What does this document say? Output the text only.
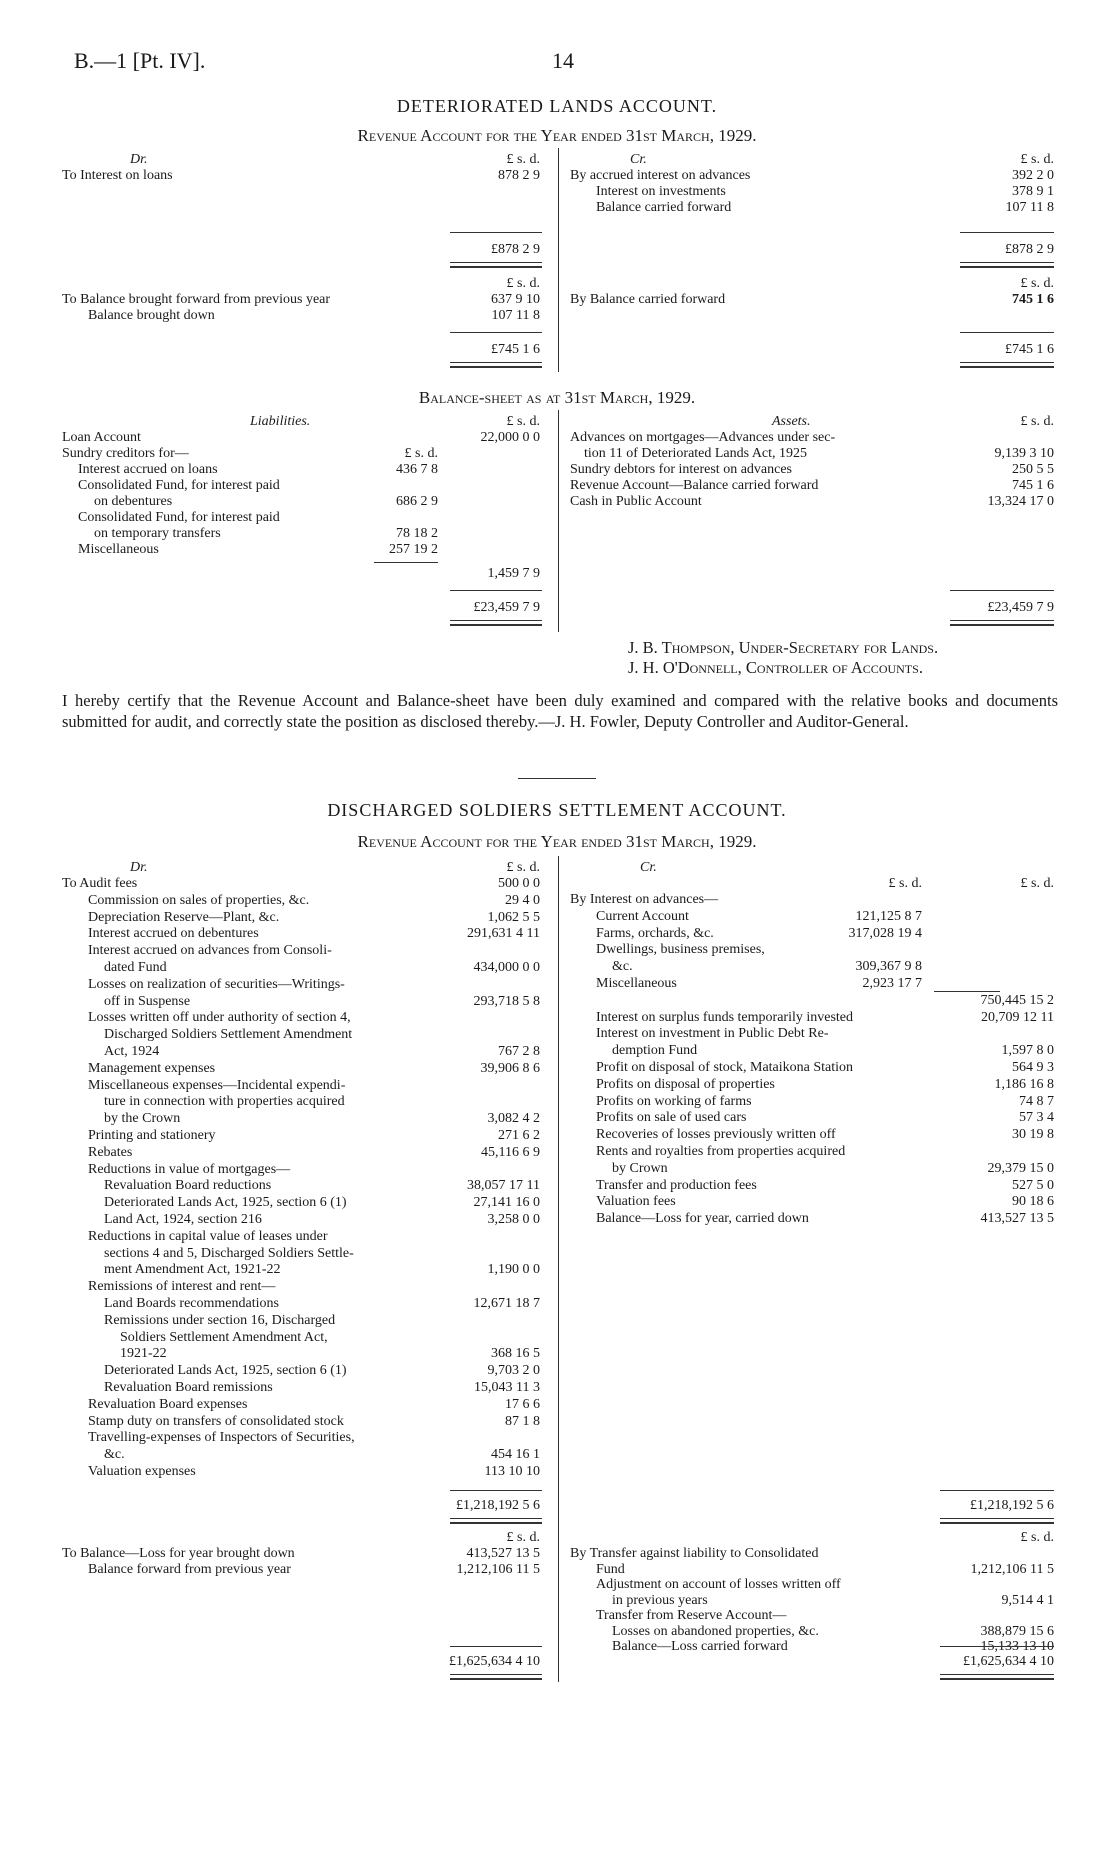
B.—1 [Pt. IV].	14
DETERIORATED LANDS ACCOUNT.
Revenue Account for the Year ended 31st March, 1929.
Dr.	£ s. d.	Cr.	£ s. d.
To Interest on loans	878 2 9 By accrued interest on advances	392 2 0
Interest on investments	378 9 1
Balance carried forward	107 11 8
£878 2 9	£878 2 9
£ s. d.	£ s. d.
To Balance brought forward from previous year	637 9 10
Balance brought down	107 11 8
By Balance carried forward	745 1 6
£745 1 6	£745 1 6
Balance-sheet as at 31st March, 1929.
Liabilities.	£ s. d.	Assets.
Loan Account	22,000 0 0
Sundry creditors for—	£ s. d.
Interest accrued on loans	436 7 8
Consolidated Fund, for interest paid
on debentures	686 2 9
Consolidated Fund, for interest paid
on temporary transfers	78 18 2
Miscellaneous	257 19 2
1,459 7 9
Advances on mortgages—Advances under sec-
£ s. d.
tion 11 of Deteriorated Lands Act, 1925	9,139 3 10
Sundry debtors for interest on advances	250 5 5
Revenue Account—Balance carried forward	745 1 6
Cash in Public Account	13,324 17 0
£23,459 7 9	£23,459 7 9
J. B. Thompson, Under-Secretary for Lands.
J. H. O'Donnell, Controller of Accounts.
I hereby certify that the Revenue Account and Balance-sheet have been duly examined and compared with the relative books and documents submitted for audit, and correctly state the position as disclosed thereby.—J. H. Fowler, Deputy Controller and Auditor-General.
DISCHARGED SOLDIERS SETTLEMENT ACCOUNT.
Revenue Account for the Year ended 31st March, 1929.
Dr.	£ s. d.	Cr.
To Audit fees	500 0 0
Commission on sales of properties, &c.	29 4 0
Depreciation Reserve—Plant, &c.	1,062 5 5
Interest accrued on debentures	291,631 4 11
Interest accrued on advances from Consoli-
dated Fund	434,000 0 0
Losses on realization of securities—Writings-
off in Suspense	293,718 5 8
Losses written off under authority of section 4,
Discharged Soldiers Settlement Amendment
Act, 1924	767 2 8
Management expenses	39,906 8 6
Miscellaneous expenses—Incidental expendi-
ture in connection with properties acquired
by the Crown	3,082 4 2
Printing and stationery	271 6 2
Rebates	45,116 6 9
Reductions in value of mortgages—
Revaluation Board reductions	38,057 17 11
Deteriorated Lands Act, 1925, section 6 (1)	27,141 16 0
Land Act, 1924, section 216	3,258 0 0
Reductions in capital value of leases under
sections 4 and 5, Discharged Soldiers Settle-
ment Amendment Act, 1921-22	1,190 0 0
Remissions of interest and rent—
Land Boards recommendations	12,671 18 7
Remissions under section 16, Discharged
Soldiers Settlement Amendment Act,
1921-22	368 16 5
Deteriorated Lands Act, 1925, section 6 (1)	9,703 2 0
Revaluation Board remissions	15,043 11 3
Revaluation Board expenses	17 6 6
Stamp duty on transfers of consolidated stock	87 1 8
Travelling-expenses of Inspectors of Securities,
&c.	454 16 1
Valuation expenses	113 10 10
By Interest on advances—
Current Account	121,125 8 7
Farms, orchards, &c.	317,028 19 4
Dwellings, business premises,
&c.	309,367 9 8
Miscellaneous	2,923 17 7
750,445 15 2
Interest on surplus funds temporarily invested	20,709 12 11
Interest on investment in Public Debt Re-
demption Fund	1,597 8 0
Profit on disposal of stock, Mataikona Station	564 9 3
Profits on disposal of properties	1,186 16 8
Profits on working of farms	74 8 7
Profits on sale of used cars	57 3 4
Recoveries of losses previously written off	30 19 8
Rents and royalties from properties acquired
by Crown	29,379 15 0
Transfer and production fees	527 5 0
Valuation fees	90 18 6
Balance—Loss for year, carried down	413,527 13 5
£ s. d.	£ s. d.
£1,218,192 5 6	£1,218,192 5 6
£ s. d.	£ s. d.
To Balance—Loss for year brought down	413,527 13 5
Balance forward from previous year	1,212,106 11 5
By Transfer against liability to Consolidated
Fund	1,212,106 11 5
Adjustment on account of losses written off
in previous years	9,514 4 1
Transfer from Reserve Account—
Losses on abandoned properties, &c.	388,879 15 6
Balance—Loss carried forward	15,133 13 10
£1,625,634 4 10	£1,625,634 4 10
